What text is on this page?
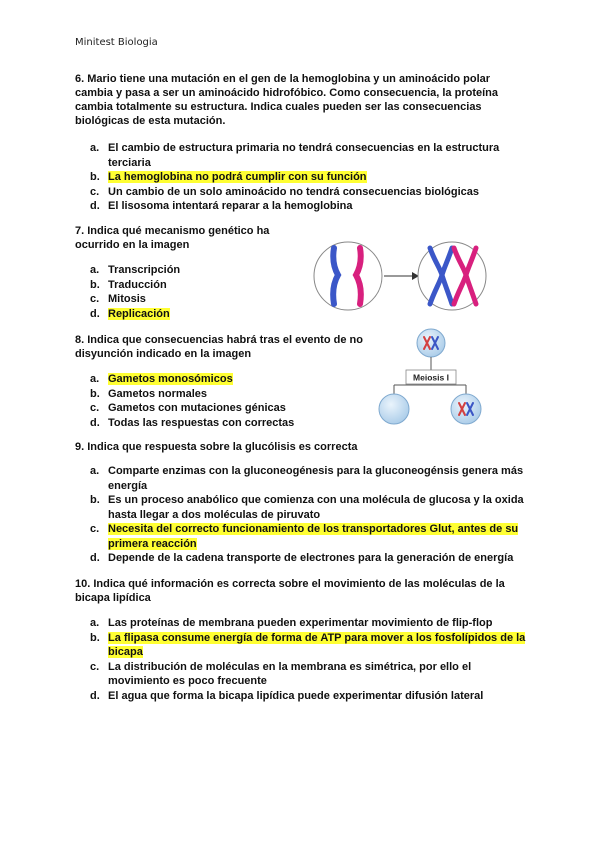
Minitest Biologia
6. Mario tiene una mutación en el gen de la hemoglobina y un aminoácido polar cambia y pasa a ser un aminoácido hidrofóbico. Como consecuencia, la proteína cambia totalmente su estructura. Indica cuales pueden ser las consecuencias biológicas de esta mutación.
a. El cambio de estructura primaria no tendrá consecuencias en la estructura terciaria
b. La hemoglobina no podrá cumplir con su función
c. Un cambio de un solo aminoácido no tendrá consecuencias biológicas
d. El lisosoma intentará reparar a la hemoglobina
7. Indica qué mecanismo genético ha ocurrido en la imagen
a. Transcripción
b. Traducción
c. Mitosis
d. Replicación
8. Indica que consecuencias habrá tras el evento de no disyunción indicado en la imagen
a. Gametos monosómicos
b. Gametos normales
c. Gametos con mutaciones génicas
d. Todas las respuestas con correctas
Meiosis I
9. Indica que respuesta sobre la glucólisis es correcta
a. Comparte enzimas con la gluconeogénesis para la gluconeogénsis genera más energía
b. Es un proceso anabólico que comienza con una molécula de glucosa y la oxida hasta llegar a dos moléculas de piruvato
c. Necesita del correcto funcionamiento de los transportadores Glut, antes de su primera reacción
d. Depende de la cadena transporte de electrones para la generación de energía
10. Indica qué información es correcta sobre el movimiento de las moléculas de la bicapa lipídica
a. Las proteínas de membrana pueden experimentar movimiento de flip-flop
b. La flipasa consume energía de forma de ATP para mover a los fosfolípidos de la bicapa
c. La distribución de moléculas en la membrana es simétrica, por ello el movimiento es poco frecuente
d. El agua que forma la bicapa lipídica puede experimentar difusión lateral
